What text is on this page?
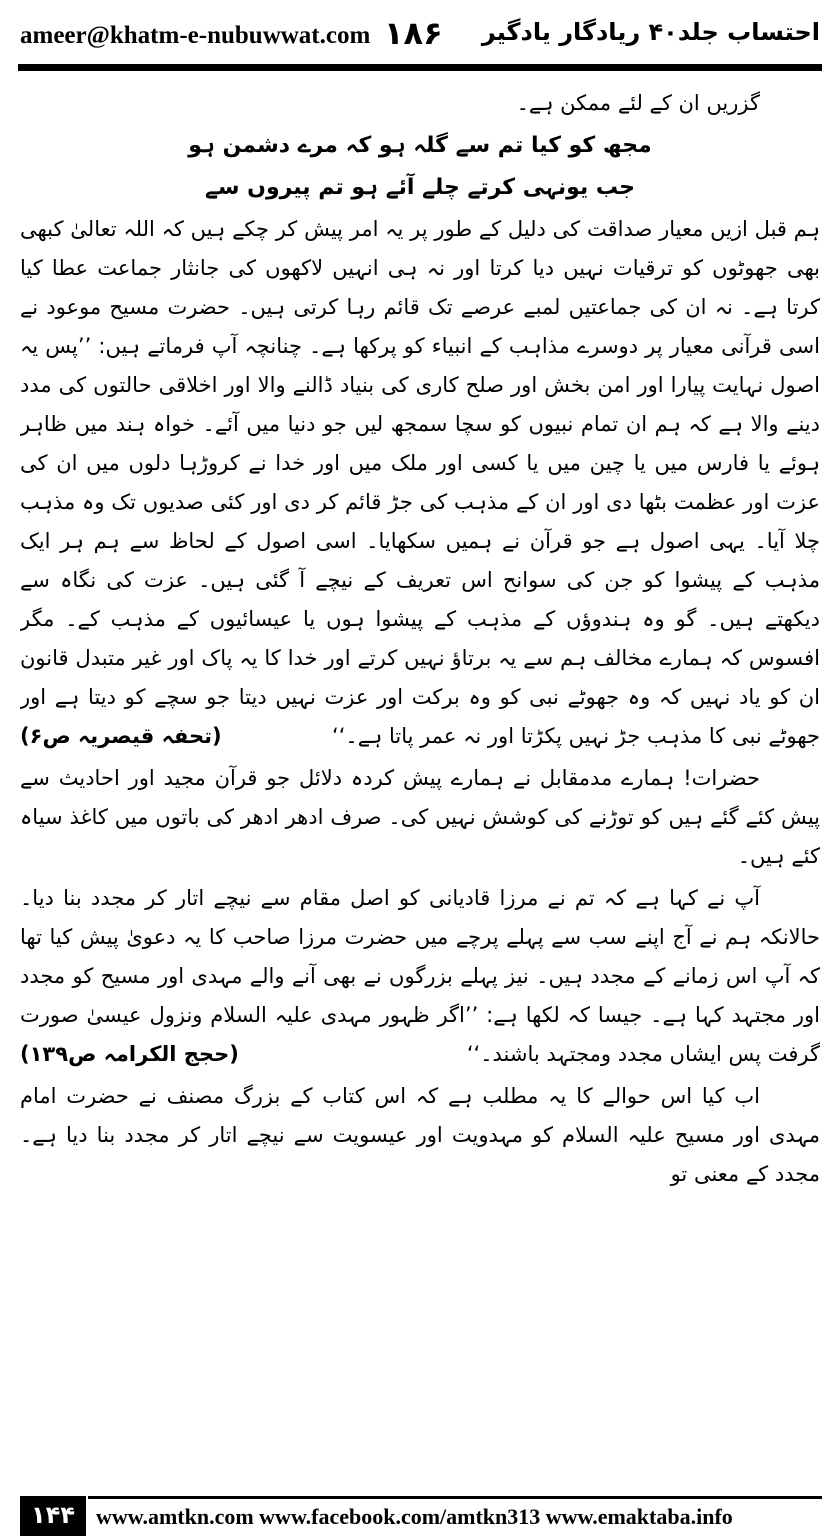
ameer@khatm-e-nubuwwat.com ۱۸۶ احتساب جلد۴۰ ریادگار یادگیر

گزریں ان کے لئے ممکن ہے۔

مجھ کو کیا تم سے گلہ ہو کہ مرے دشمن ہو

جب یونہی کرتے چلے آئے ہو تم پیروں سے

ہم قبل ازیں معیار صداقت کی دلیل کے طور پر یہ امر پیش کر چکے ہیں کہ اللہ تعالیٰ کبھی بھی جھوٹوں کو ترقیات نہیں دیا کرتا اور نہ ہی انہیں لاکھوں کی جانثار جماعت عطا کیا کرتا ہے۔ نہ ان کی جماعتیں لمبے عرصے تک قائم رہا کرتی ہیں۔ حضرت مسیح موعود نے اسی قرآنی معیار پر دوسرے مذاہب کے انبیاء کو پرکھا ہے۔ چنانچہ آپ فرماتے ہیں: ’’پس یہ اصول نہایت پیارا اور امن بخش اور صلح کاری کی بنیاد ڈالنے والا اور اخلاقی حالتوں کی مدد دینے والا ہے کہ ہم ان تمام نبیوں کو سچا سمجھ لیں جو دنیا میں آئے۔ خواہ ہند میں ظاہر ہوئے یا فارس میں یا چین میں یا کسی اور ملک میں اور خدا نے کروڑہا دلوں میں ان کی عزت اور عظمت بٹھا دی اور ان کے مذہب کی جڑ قائم کر دی اور کئی صدیوں تک وہ مذہب چلا آیا۔ یہی اصول ہے جو قرآن نے ہمیں سکھایا۔ اسی اصول کے لحاظ سے ہم ہر ایک مذہب کے پیشوا کو جن کی سوانح اس تعریف کے نیچے آ گئی ہیں۔ عزت کی نگاہ سے دیکھتے ہیں۔ گو وہ ہندوؤں کے مذہب کے پیشوا ہوں یا عیسائیوں کے مذہب کے۔ مگر افسوس کہ ہمارے مخالف ہم سے یہ برتاؤ نہیں کرتے اور خدا کا یہ پاک اور غیر متبدل قانون ان کو یاد نہیں کہ وہ جھوٹے نبی کو وہ برکت اور عزت نہیں دیتا جو سچے کو دیتا ہے اور جھوٹے نبی کا مذہب جڑ نہیں پکڑتا اور نہ عمر پاتا ہے۔‘‘
(تحفہ قیصریہ ص۶)

حضرات! ہمارے مدمقابل نے ہمارے پیش کردہ دلائل جو قرآن مجید اور احادیث سے پیش کئے گئے ہیں کو توڑنے کی کوشش نہیں کی۔ صرف ادھر ادھر کی باتوں میں کاغذ سیاہ کئے ہیں۔

آپ نے کہا ہے کہ تم نے مرزا قادیانی کو اصل مقام سے نیچے اتار کر مجدد بنا دیا۔ حالانکہ ہم نے آج اپنے سب سے پہلے پرچے میں حضرت مرزا صاحب کا یہ دعویٰ پیش کیا تھا کہ آپ اس زمانے کے مجدد ہیں۔ نیز پہلے بزرگوں نے بھی آنے والے مہدی اور مسیح کو مجدد اور مجتہد کہا ہے۔ جیسا کہ لکھا ہے: ’’اگر ظہور مہدی علیہ السلام ونزول عیسیٰ صورت گرفت پس ایشاں مجدد ومجتہد باشند۔‘‘
(حجج الکرامہ ص۱۳۹)

اب کیا اس حوالے کا یہ مطلب ہے کہ اس کتاب کے بزرگ مصنف نے حضرت امام مہدی اور مسیح علیہ السلام کو مہدویت اور عیسویت سے نیچے اتار کر مجدد بنا دیا ہے۔ مجدد کے معنی تو

۱۴۴ www.amtkn.com www.facebook.com/amtkn313 www.emaktaba.info
